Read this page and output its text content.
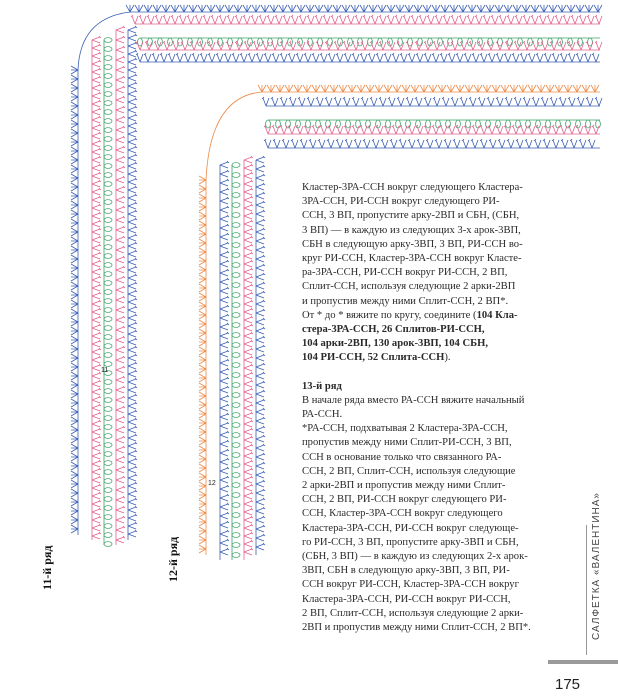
11
12
11-й ряд	12-й ряд

Кластер-3РА-ССН вокруг следующего Кластера-
3РА-ССН, РИ-ССН вокруг следующего РИ-
ССН, 3 ВП, пропустите арку-2ВП и СБН, (СБН,
3 ВП) — в каждую из следующих 3-х арок-3ВП,
СБН в следующую арку-3ВП, 3 ВП, РИ-ССН во-
круг РИ-ССН, Кластер-3РА-ССН вокруг Класте-
ра-3РА-ССН, РИ-ССН вокруг РИ-ССН, 2 ВП,
Сплит-ССН, используя следующие 2 арки-2ВП
и пропустив между ними Сплит-ССН, 2 ВП*.
От * до * вяжите по кругу, соедините (104 Кла-
стера-3РА-ССН, 26 Сплитов-РИ-ССН,
104 арки-2ВП, 130 арок-3ВП, 104 СБН,
104 РИ-ССН, 52 Сплита-ССН).

13-й ряд

В начале ряда вместо РА-ССН вяжите начальный
РА-ССН.

*РА-ССН, подхватывая 2 Кластера-3РА-ССН,
пропустив между ними Сплит-РИ-ССН, 3 ВП,
ССН в основание только что связанного РА-
ССН, 2 ВП, Сплит-ССН, используя следующие
2 арки-2ВП и пропустив между ними Сплит-
ССН, 2 ВП, РИ-ССН вокруг следующего РИ-
ССН, Кластер-3РА-ССН вокруг следующего
Кластера-3РА-ССН, РИ-ССН вокруг следующе-
го РИ-ССН, 3 ВП, пропустите арку-3ВП и СБН,
(СБН, 3 ВП) — в каждую из следующих 2-х арок-
3ВП, СБН в следующую арку-3ВП, 3 ВП, РИ-
ССН вокруг РИ-ССН, Кластер-3РА-ССН вокруг
Кластера-3РА-ССН, РИ-ССН вокруг РИ-ССН,
2 ВП, Сплит-ССН, используя следующие 2 арки-
2ВП и пропустив между ними Сплит-ССН, 2 ВП*.	САЛФЕТКА «ВАЛЕНТИНА»
175
